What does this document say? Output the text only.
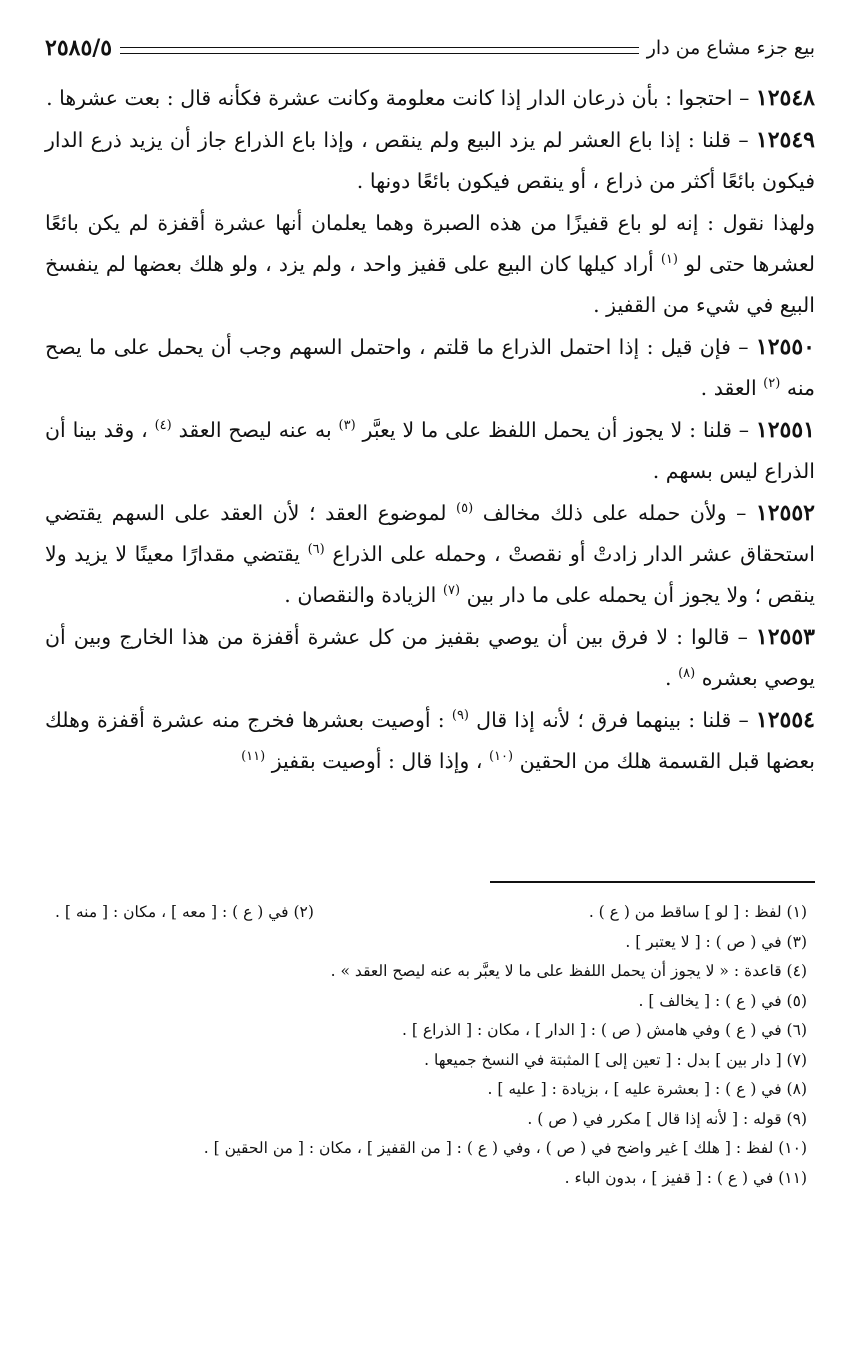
بيع جزء مشاع من دار
٢٥٨٥/٥

١٢٥٤٨ – احتجوا : بأن ذرعان الدار إذا كانت معلومة وكانت عشرة فكأنه قال : بعت عشرها .

١٢٥٤٩ – قلنا : إذا باع العشر لم يزد البيع ولم ينقص ، وإذا باع الذراع جاز أن يزيد ذرع الدار فيكون بائعًا أكثر من ذراع ، أو ينقص فيكون بائعًا دونها .

ولهذا نقول : إنه لو باع قفيزًا من هذه الصبرة وهما يعلمان أنها عشرة أقفزة لم يكن بائعًا لعشرها حتى لو $^{(١)}$ أراد كيلها كان البيع على قفيز واحد ، ولم يزد ، ولو هلك بعضها لم ينفسخ البيع في شيء من القفيز .

١٢٥٥٠ – فإن قيل : إذا احتمل الذراع ما قلتم ، واحتمل السهم وجب أن يحمل على ما يصح منه $^{(٢)}$ العقد .

١٢٥٥١ – قلنا : لا يجوز أن يحمل اللفظ على ما لا يعبَّر $^{(٣)}$ به عنه ليصح العقد $^{(٤)}$ ، وقد بينا أن الذراع ليس بسهم .

١٢٥٥٢ – ولأن حمله على ذلك مخالف $^{(٥)}$ لموضوع العقد ؛ لأن العقد على السهم يقتضي استحقاق عشر الدار زادتْ أو نقصتْ ، وحمله على الذراع $^{(٦)}$ يقتضي مقدارًا معينًا لا يزيد ولا ينقص ؛ ولا يجوز أن يحمله على ما دار بين $^{(٧)}$ الزيادة والنقصان .

١٢٥٥٣ – قالوا : لا فرق بين أن يوصي بقفيز من كل عشرة أقفزة من هذا الخارج وبين أن يوصي بعشره $^{(٨)}$ .

١٢٥٥٤ – قلنا : بينهما فرق ؛ لأنه إذا قال $^{(٩)}$ : أوصيت بعشرها فخرج منه عشرة أقفزة وهلك بعضها قبل القسمة هلك من الحقين $^{(١٠)}$ ، وإذا قال : أوصيت بقفيز $^{(١١)}$

(١) لفظ : [ لو ] ساقط من ( ع ) .
(٢) في ( ع ) : [ معه ] ، مكان : [ منه ] .
(٣) في ( ص ) : [ لا يعتبر ] .
(٤) قاعدة : « لا يجوز أن يحمل اللفظ على ما لا يعبَّر به عنه ليصح العقد » .
(٥) في ( ع ) : [ يخالف ] .
(٦) في ( ع ) وفي هامش ( ص ) : [ الدار ] ، مكان : [ الذراع ] .
(٧) [ دار بين ] بدل : [ تعين إلى ] المثبتة في النسخ جميعها .
(٨) في ( ع ) : [ بعشرة عليه ] ، بزيادة : [ عليه ] .
(٩) قوله : [ لأنه إذا قال ] مكرر في ( ص ) .
(١٠) لفظ : [ هلك ] غير واضح في ( ص ) ، وفي ( ع ) : [ من القفيز ] ، مكان : [ من الحقين ] .
(١١) في ( ع ) : [ قفيز ] ، بدون الباء .
